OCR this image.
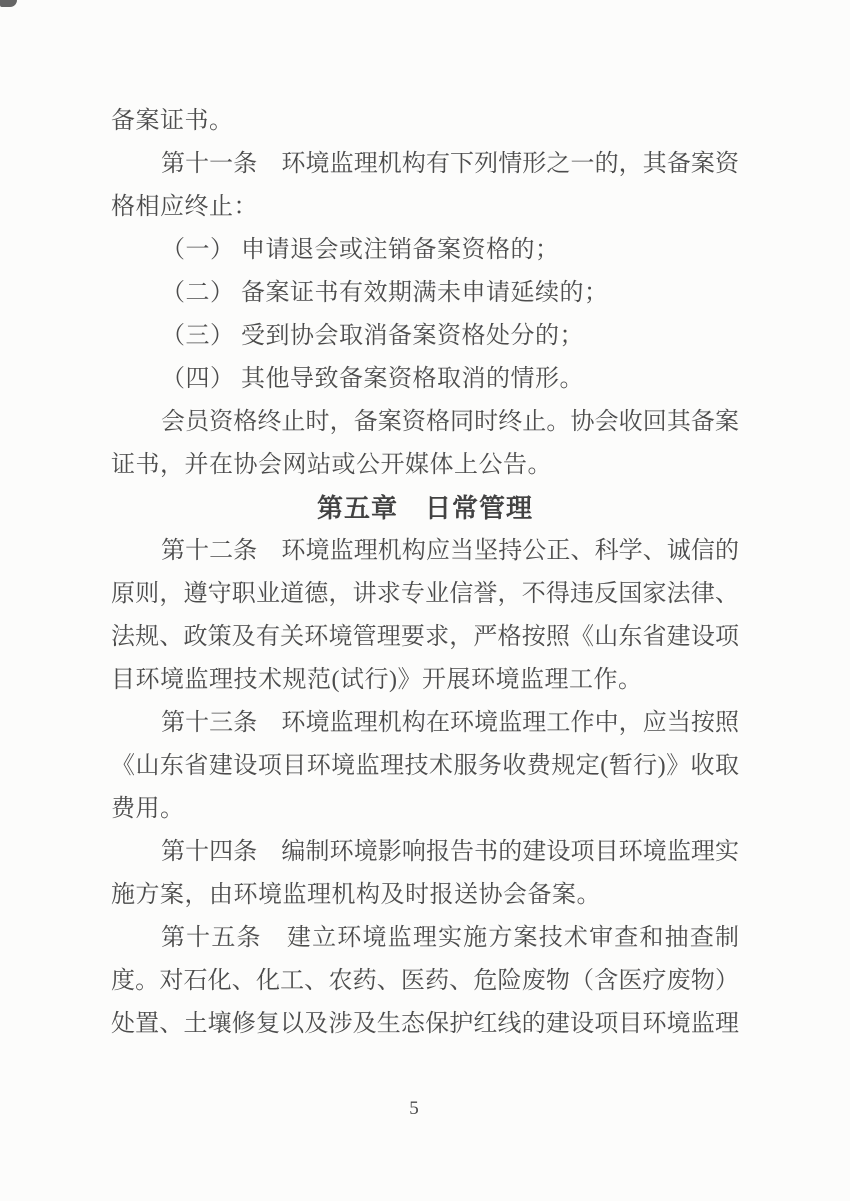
备案证书。
第十一条　环境监理机构有下列情形之一的，其备案资
格相应终止：
（一） 申请退会或注销备案资格的；
（二） 备案证书有效期满未申请延续的；
（三） 受到协会取消备案资格处分的；
（四） 其他导致备案资格取消的情形。
会员资格终止时，备案资格同时终止。协会收回其备案
证书，并在协会网站或公开媒体上公告。
第五章　日常管理
第十二条　环境监理机构应当坚持公正、科学、诚信的
原则，遵守职业道德，讲求专业信誉，不得违反国家法律、
法规、政策及有关环境管理要求，严格按照《山东省建设项
目环境监理技术规范(试行)》开展环境监理工作。
第十三条　环境监理机构在环境监理工作中，应当按照
《山东省建设项目环境监理技术服务收费规定(暂行)》收取
费用。
第十四条　编制环境影响报告书的建设项目环境监理实
施方案，由环境监理机构及时报送协会备案。
第十五条　建立环境监理实施方案技术审查和抽查制
度。对石化、化工、农药、医药、危险废物（含医疗废物）
处置、土壤修复以及涉及生态保护红线的建设项目环境监理
5
